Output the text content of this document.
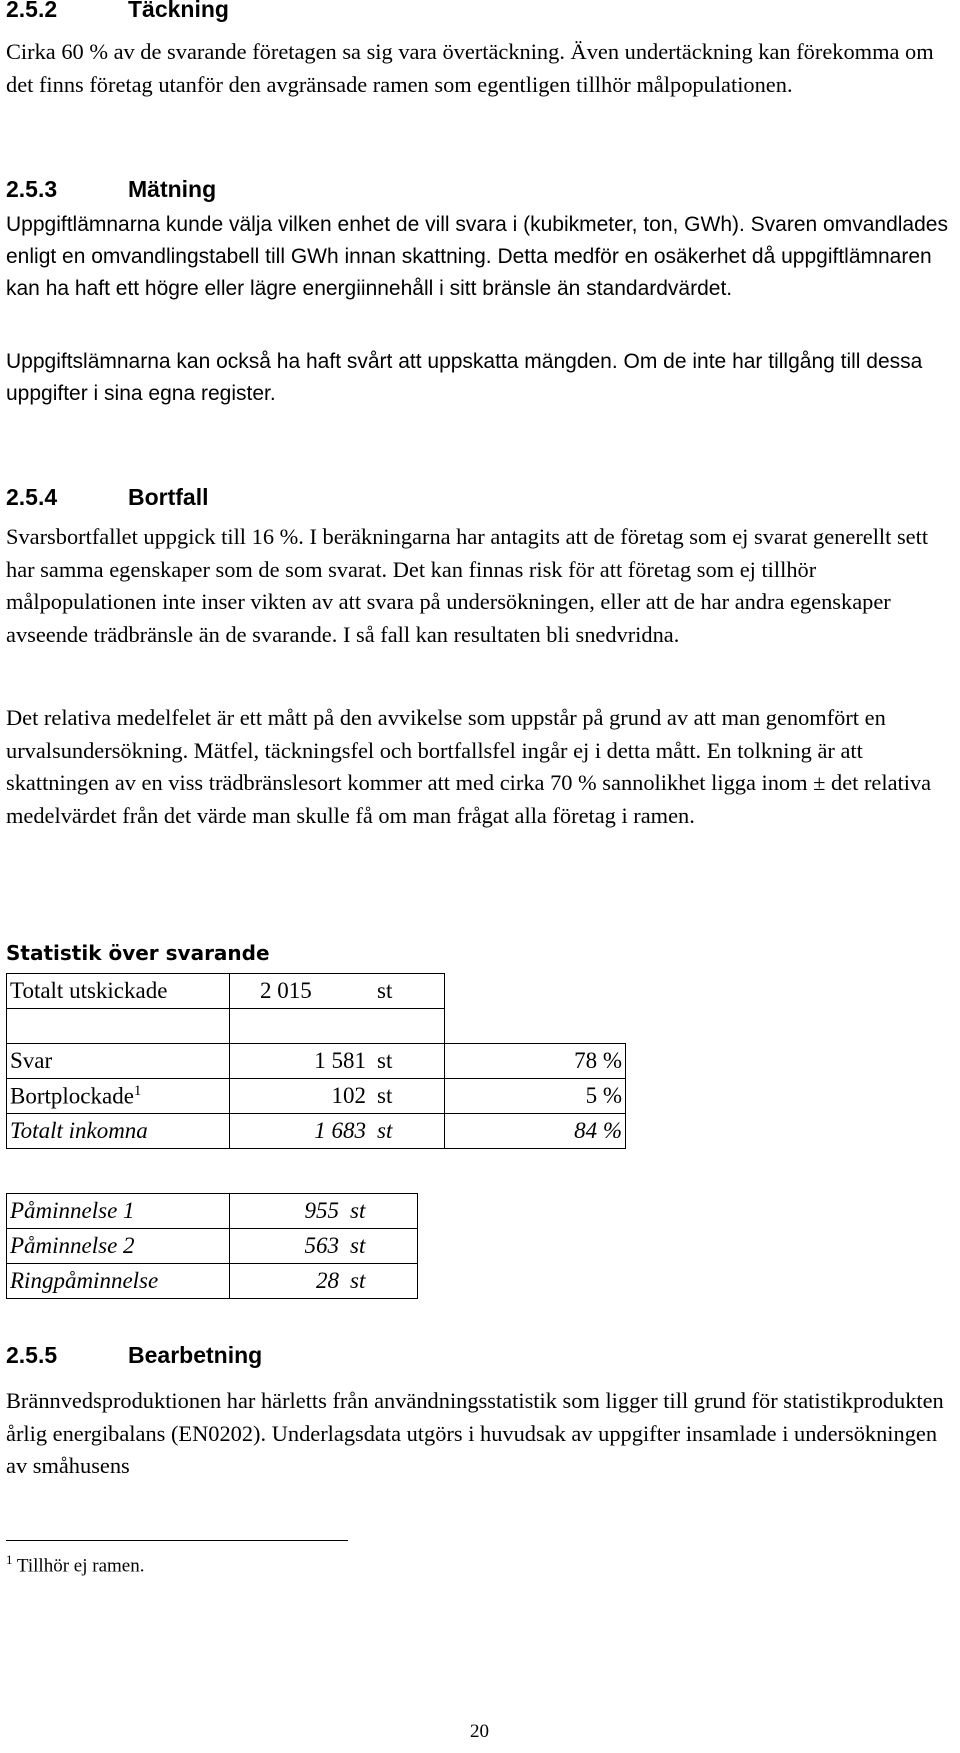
2.5.2	Täckning

Cirka 60 % av de svarande företagen sa sig vara övertäckning. Även undertäckning kan förekomma om det finns företag utanför den avgränsade ramen som egentligen tillhör målpopulationen.

2.5.3	Mätning

Uppgiftlämnarna kunde välja vilken enhet de vill svara i (kubikmeter, ton, GWh). Svaren omvandlades enligt en omvandlingstabell till GWh innan skattning. Detta medför en osäkerhet då uppgiftlämnaren kan ha haft ett högre eller lägre energiinnehåll i sitt bränsle än standardvärdet.

Uppgiftslämnarna kan också ha haft svårt att uppskatta mängden. Om de inte har tillgång till dessa uppgifter i sina egna register.

2.5.4	Bortfall

Svarsbortfallet uppgick till 16 %. I beräkningarna har antagits att de företag som ej svarat generellt sett har samma egenskaper som de som svarat. Det kan finnas risk för att företag som ej tillhör målpopulationen inte inser vikten av att svara på undersökningen, eller att de har andra egenskaper avseende trädbränsle än de svarande. I så fall kan resultaten bli snedvridna.

Det relativa medelfelet är ett mått på den avvikelse som uppstår på grund av att man genomfört en urvalsundersökning. Mätfel, täckningsfel och bortfallsfel ingår ej i detta mått. En tolkning är att skattningen av en viss trädbränslesort kommer att med cirka 70 % sannolikhet ligga inom ± det relativa medelvärdet från det värde man skulle få om man frågat alla företag i ramen.

Statistik över svarande

Totalt utskickade	2 015	st	

Svar	1 581	st	78 %
Bortplockade$^1$	102	st	5 %
Totalt inkomna	1 683	st	84 %
Påminnelse 1	955	st
Påminnelse 2	563	st
Ringpåminnelse	28	st
2.5.5	Bearbetning

Brännvedsproduktionen har härletts från användningsstatistik som ligger till grund för statistikprodukten årlig energibalans (EN0202). Underlagsdata utgörs i huvudsak av uppgifter insamlade i undersökningen av småhusens

$^1$ Tillhör ej ramen.

20
